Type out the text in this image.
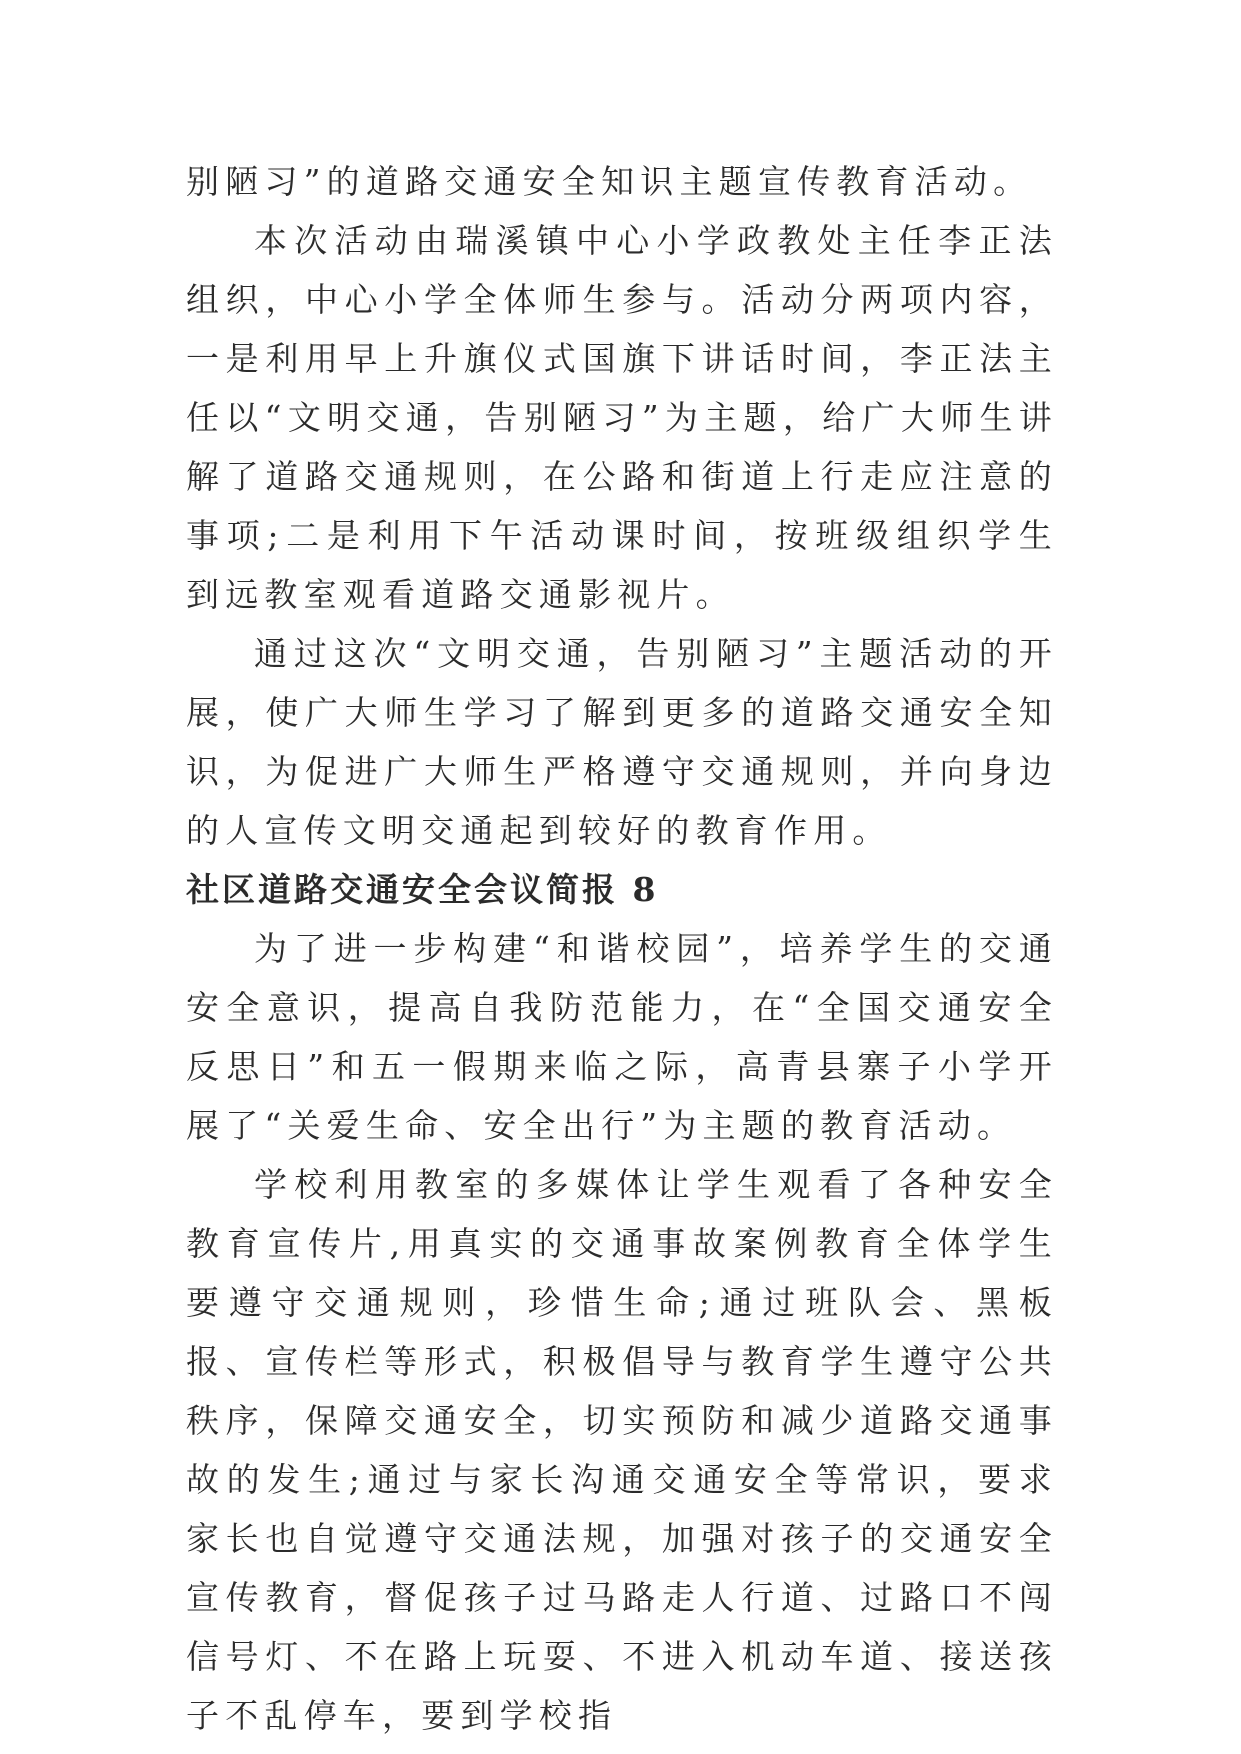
别陋习”的道路交通安全知识主题宣传教育活动。

本次活动由瑞溪镇中心小学政教处主任李正法组织，中心小学全体师生参与。活动分两项内容，一是利用早上升旗仪式国旗下讲话时间，李正法主任以“文明交通，告别陋习”为主题，给广大师生讲解了道路交通规则，在公路和街道上行走应注意的事项;二是利用下午活动课时间，按班级组织学生到远教室观看道路交通影视片。

通过这次“文明交通，告别陋习”主题活动的开展，使广大师生学习了解到更多的道路交通安全知识，为促进广大师生严格遵守交通规则，并向身边的人宣传文明交通起到较好的教育作用。

社区道路交通安全会议简报 8

为了进一步构建“和谐校园”，培养学生的交通安全意识，提高自我防范能力，在“全国交通安全反思日”和五一假期来临之际，高青县寨子小学开展了“关爱生命、安全出行”为主题的教育活动。

学校利用教室的多媒体让学生观看了各种安全教育宣传片,用真实的交通事故案例教育全体学生要遵守交通规则，珍惜生命;通过班队会、黑板报、宣传栏等形式，积极倡导与教育学生遵守公共秩序，保障交通安全，切实预防和减少道路交通事故的发生;通过与家长沟通交通安全等常识，要求家长也自觉遵守交通法规，加强对孩子的交通安全宣传教育，督促孩子过马路走人行道、过路口不闯信号灯、不在路上玩耍、不进入机动车道、接送孩子不乱停车，要到学校指
